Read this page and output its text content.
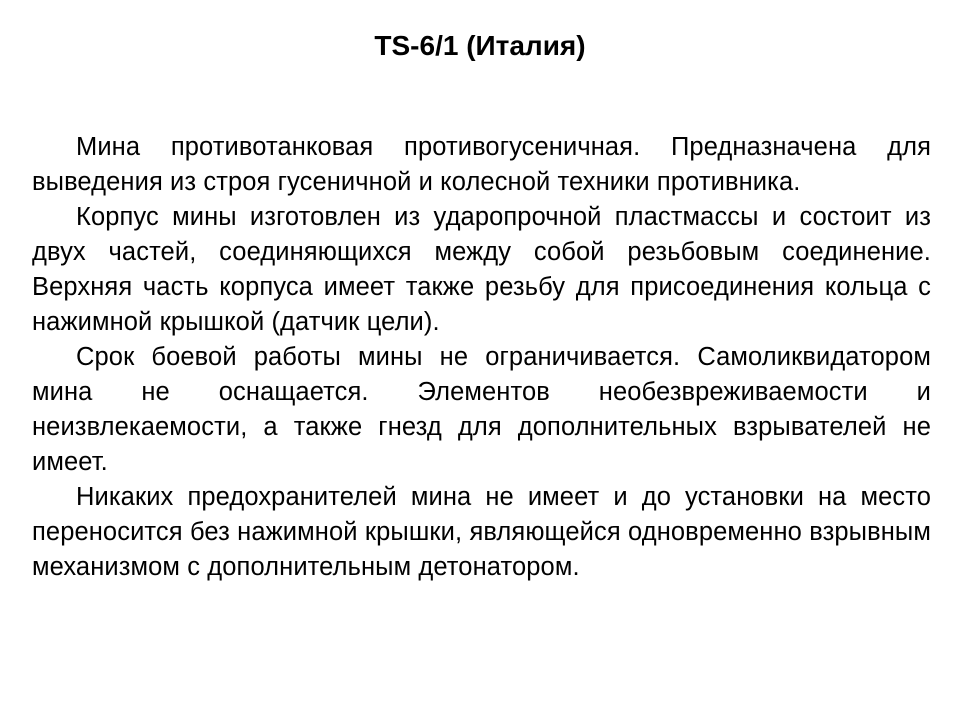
TS-6/1 (Италия)

Мина противотанковая противогусеничная. Предназначена для выведения из строя гусеничной и колесной техники противника.

Корпус мины изготовлен из ударопрочной пластмассы и состоит из двух частей, соединяющихся между собой резьбовым соединение. Верхняя часть корпуса имеет также резьбу для присоединения кольца с нажимной крышкой (датчик цели).

Срок боевой работы мины не ограничивается. Самоликвидатором мина не оснащается. Элементов необезвреживаемости и неизвлекаемости, а также гнезд для дополнительных взрывателей не имеет.

Никаких предохранителей мина не имеет и до установки на место переносится без нажимной крышки, являющейся одновременно взрывным механизмом с дополнительным детонатором.
